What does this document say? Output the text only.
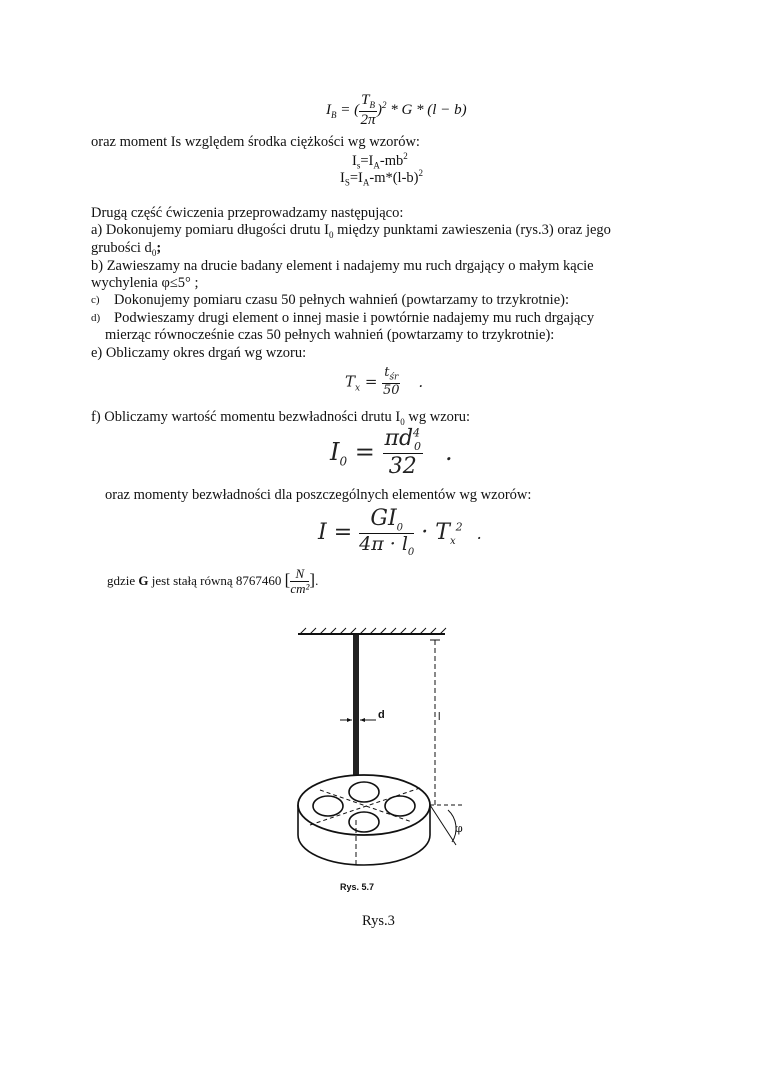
$I_B$ = ( $\frac{T_B}{2\pi} )^2 * G * (l - b)$
oraz moment Is względem środka ciężkości wg wzorów:
$I_s=I_A-mb^2$
$I_S=I_A-m*(l-b)^2$
Drugą część ćwiczenia przeprowadzamy następująco:
a) Dokonujemy pomiaru długości drutu $I_0$ między punktami zawieszenia (rys.3) oraz jego
grubości $d_0$;
b) Zawieszamy na drucie badany element i nadajemy mu ruch drgający o małym kącie
wychylenia φ≤5° ;
c) Dokonujemy pomiaru czasu 50 pełnych wahnień (powtarzamy to trzykrotnie):
d) Podwieszamy drugi element o innej masie i powtórnie nadajemy mu ruch drgający
mierząc równocześnie czas 50 pełnych wahnień (powtarzamy to trzykrotnie):
e) Obliczamy okres drgań wg wzoru:
$T_x = \frac{t_{śr}}{50}$ .
f) Obliczamy wartość momentu bezwładności drutu $I_0$ wg wzoru:
$I_0 = \frac{\pi d^4_0}{32}$ .
oraz momenty bezwładności dla poszczególnych elementów wg wzorów:
$I = \frac{GI_0}{4\pi \cdot l_0} \cdot T_x^2$ .
gdzie G jest stałą równą 8767460 [ $\frac{N}{\text{cm²}}$ ].
d	l
φ
Rys. 5.7
Rys.3
